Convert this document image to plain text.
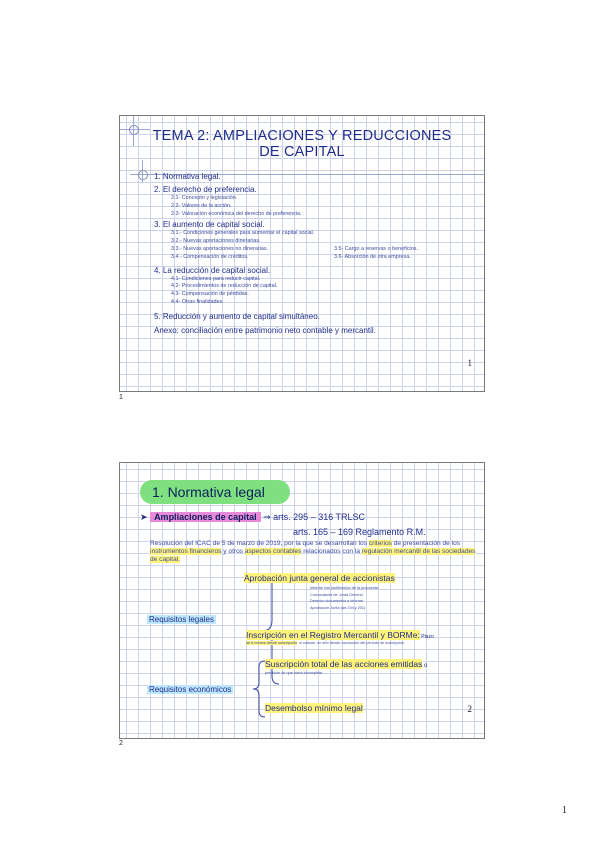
TEMA 2: AMPLIACIONES Y REDUCCIONES
DE CAPITAL
1. Normativa legal.
2. El derecho de preferencia.
2.1- Concepto y legislación.
2.2- Valores de la acción.
2.3- Valoración económica del derecho de preferencia.
3. El aumento de capital social.
3.1.- Condiciones generales para aumentar el capital social.
3.2.- Nuevas aportaciones dinerarias.
3.3.- Nuevas aportaciones no dinerarias.	3.5- Cargo a reservas o beneficios.
3.4.- Compensación de créditos.	3.6- Absorción de otra empresa.
4. La reducción de capital social.
4.1- Condiciones para reducir capital.
4.2- Procedimientos de reducción de capital.
4.3- Compensación de pérdidas.
4.4- Otras finalidades.
5. Reducción y aumento de capital simultáneo.
Anexo: conciliación entre patrimonio neto contable y mercantil.
1
1
1. Normativa legal
➤ Ampliaciones de capital ⇒ arts. 295 – 316 TRLSC
arts. 165 – 169 Reglamento R.M.
Resolución del ICAC de 5 de marzo de 2019, por la que se desarrollan los criterios de presentación de los instrumentos financieros y otros aspectos contables relacionados con la regulación mercantil de las sociedades de capital.
Requisitos legales
Requisitos económicos
Aprobación junta general de accionistas
Informe con justificación de la propuesta
Convocatoria de Junta General
Derecho documentos e informe
Aprobación Junta (art.194 y 201)
Inscripción en el Registro Mercantil y BORMe: Plazo
de 6 meses desde suscripción, si cotizan, un año desde conclusión del periodo de suscripción
Suscripción total de las acciones emitidas o
previsión de que fuera incompleta
Desembolso mínimo legal	2
2
1
